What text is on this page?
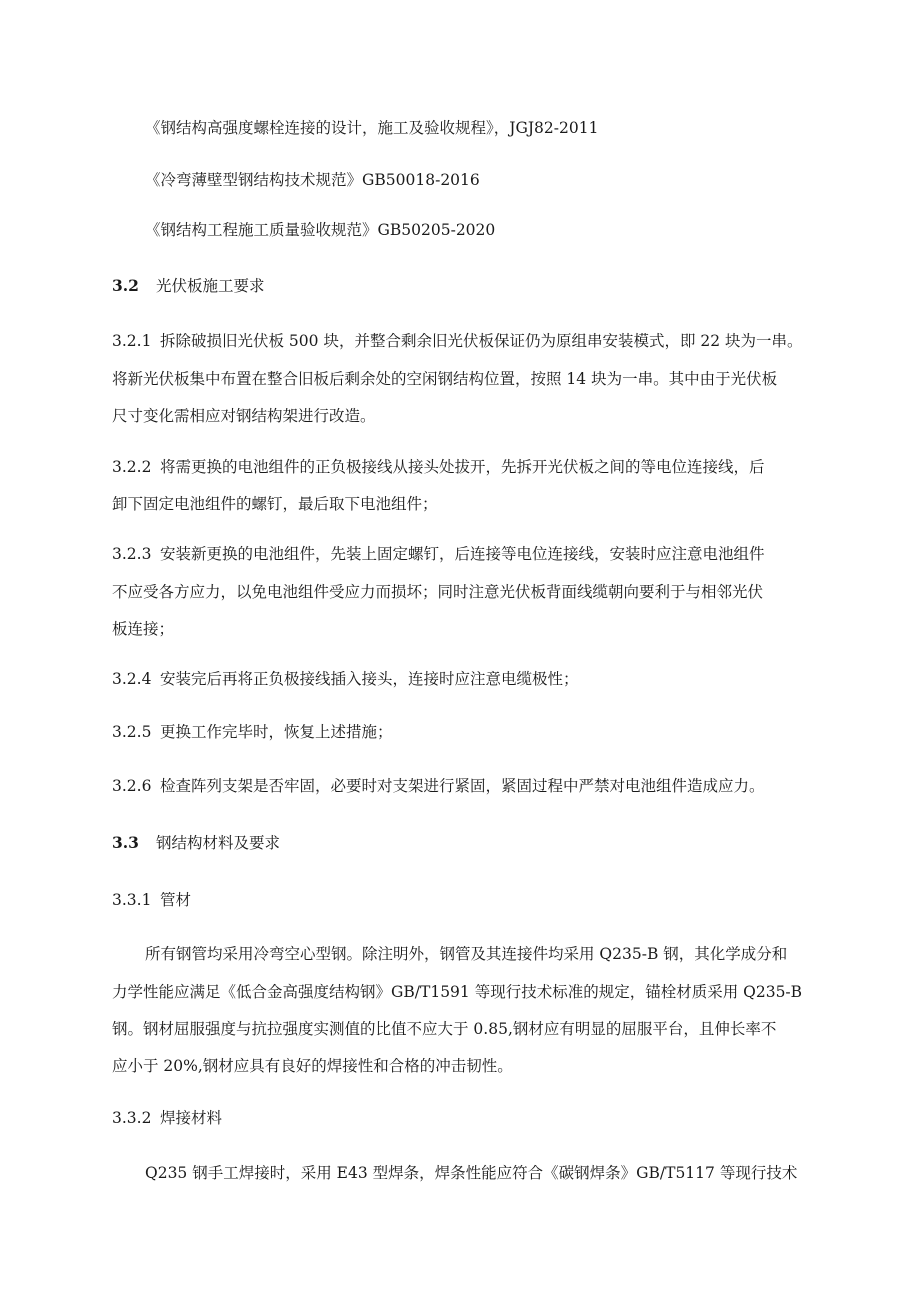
《钢结构高强度螺栓连接的设计，施工及验收规程》，JGJ82-2011
《冷弯薄壁型钢结构技术规范》GB50018-2016
《钢结构工程施工质量验收规范》GB50205-2020
3.2 光伏板施工要求
3.2.1 拆除破损旧光伏板 500 块，并整合剩余旧光伏板保证仍为原组串安装模式，即 22 块为一串。
将新光伏板集中布置在整合旧板后剩余处的空闲钢结构位置，按照 14 块为一串。其中由于光伏板
尺寸变化需相应对钢结构架进行改造。
3.2.2 将需更换的电池组件的正负极接线从接头处拔开，先拆开光伏板之间的等电位连接线，后
卸下固定电池组件的螺钉，最后取下电池组件；
3.2.3 安装新更换的电池组件，先装上固定螺钉，后连接等电位连接线，安装时应注意电池组件
不应受各方应力，以免电池组件受应力而损坏；同时注意光伏板背面线缆朝向要利于与相邻光伏
板连接；
3.2.4 安装完后再将正负极接线插入接头，连接时应注意电缆极性；
3.2.5 更换工作完毕时，恢复上述措施；
3.2.6 检查阵列支架是否牢固，必要时对支架进行紧固，紧固过程中严禁对电池组件造成应力。
3.3 钢结构材料及要求
3.3.1 管材
所有钢管均采用冷弯空心型钢。除注明外，钢管及其连接件均采用 Q235-B 钢，其化学成分和
力学性能应满足《低合金高强度结构钢》GB/T1591 等现行技术标准的规定，锚栓材质采用 Q235-B
钢。钢材屈服强度与抗拉强度实测值的比值不应大于 0.85,钢材应有明显的屈服平台，且伸长率不
应小于 20%,钢材应具有良好的焊接性和合格的冲击韧性。
3.3.2 焊接材料
Q235 钢手工焊接时，采用 E43 型焊条，焊条性能应符合《碳钢焊条》GB/T5117 等现行技术
